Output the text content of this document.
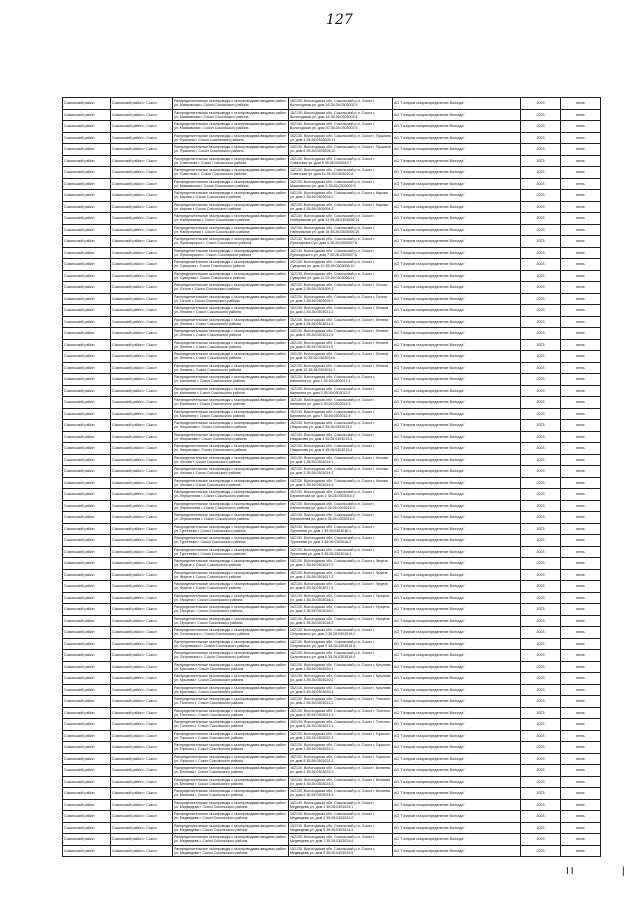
127
Сокольский район	Сокольский район г. Сокол	Распределительные газопроводы с газопроводами-вводами район ул. Маяковская г. Сокол Сокольского района	162130, Вологодская обл. Сокольский р-н, Сокол г, Вологодская ул. дом 16 35:26:0303002:3	АО "Газпром газораспределение Вологда"	2023	июнь
Сокольский район	Сокольский район г. Сокол	Распределительные газопроводы с газопроводами-вводами район ул. Маяковская г. Сокол Сокольского района	162130, Вологодская обл. Сокольский р-н, Сокол г, Вологодская ул. дом 18 35:26:0303002:4	АО "Газпром газораспределение Вологда"	2023	июнь
Сокольский район	Сокольский район г. Сокол	Распределительные газопроводы с газопроводами-вводами район ул. Маяковская г. Сокол Сокольского района	162130, Вологодская обл. Сокольский р-н, Сокол г, Вологодская ул. дом 20 35:26:0303002:5	АО "Газпром газораспределение Вологда"	2023	июнь
Сокольский район	Сокольский район г. Сокол	Распределительные газопроводы с газопроводами-вводами район ул. Пушкина г. Сокол Сокольского района	162130, Вологодская обл. Сокольский р-н, Сокол г, Пушкина ул. дом 4 35:26:0303005:11	АО "Газпром газораспределение Вологда"	2023	июнь
Сокольский район	Сокольский район г. Сокол	Распределительные газопроводы с газопроводами-вводами район ул. Пушкина г. Сокол Сокольского района	162130, Вологодская обл. Сокольский р-н, Сокол г, Пушкина ул. дом 6 35:26:0303005:12	АО "Газпром газораспределение Вологда"	2023	июнь
Сокольский район	Сокольский район г. Сокол	Распределительные газопроводы с газопроводами-вводами район ул. Советская г. Сокол Сокольского района	162130, Вологодская обл. Сокольский р-н, Сокол г, Советская ул. дом 9 35:26:0303010:7	АО "Газпром газораспределение Вологда"	2023	июнь
Сокольский район	Сокольский район г. Сокол	Распределительные газопроводы с газопроводами-вводами район ул. Советская г. Сокол Сокольского района	162130, Вологодская обл. Сокольский р-н, Сокол г, Советская ул. дом 11 35:26:0303010:8	АО "Газпром газораспределение Вологда"	2023	июнь
Сокольский район	Сокольский район г. Сокол	Распределительные газопроводы с газопроводами-вводами район ул. Маяковская г. Сокол Сокольского района	162130, Вологодская обл. Сокольский р-н, Сокол г, Маяковского ул. дом 3 35:26:0303002:9	АО "Газпром газораспределение Вологда"	2023	июнь
Сокольский район	Сокольский район г. Сокол	Распределительные газопроводы с газопроводами-вводами район ул. Кирова г. Сокол Сокольского района	162130, Вологодская обл. Сокольский р-н, Сокол г, Кирова ул. дом 2 35:26:0303004:2	АО "Газпром газораспределение Вологда"	2023	июнь
Сокольский район	Сокольский район г. Сокол	Распределительные газопроводы с газопроводами-вводами район ул. Кирова г. Сокол Сокольского района	162130, Вологодская обл. Сокольский р-н, Сокол г, Кирова ул. дом 4 35:26:0303004:3	АО "Газпром газораспределение Вологда"	2023	июнь
Сокольский район	Сокольский район г. Сокол	Распределительные газопроводы с газопроводами-вводами район ул. Набережная г. Сокол Сокольского района	162130, Вологодская обл. Сокольский р-н, Сокол г, Набережная ул. дом 14 35:26:0303006:14	АО "Газпром газораспределение Вологда"	2023	июнь
Сокольский район	Сокольский район г. Сокол	Распределительные газопроводы с газопроводами-вводами район ул. Набережная г. Сокол Сокольского района	162130, Вологодская обл. Сокольский р-н, Сокол г, Набережная ул. дом 16 35:26:0303006:15	АО "Газпром газораспределение Вологда"	2023	июнь
Сокольский район	Сокольский район г. Сокол	Распределительные газопроводы с газопроводами-вводами район ул. Луначарского г. Сокол Сокольского района	162130, Вологодская обл. Сокольский р-н, Сокол г, Луначарского ул. дом 5 35:26:0303007:5	АО "Газпром газораспределение Вологда"	2023	июнь
Сокольский район	Сокольский район г. Сокол	Распределительные газопроводы с газопроводами-вводами район ул. Луначарского г. Сокол Сокольского района	162130, Вологодская обл. Сокольский р-н, Сокол г, Луначарского ул. дом 7 35:26:0303007:6	АО "Газпром газораспределение Вологда"	2023	июнь
Сокольский район	Сокольский район г. Сокол	Распределительные газопроводы с газопроводами-вводами район ул. Суворова г. Сокол Сокольского района	162130, Вологодская обл. Сокольский р-н, Сокол г, Суворова ул. дом 10 35:26:0303008:10	АО "Газпром газораспределение Вологда"	2023	июнь
Сокольский район	Сокольский район г. Сокол	Распределительные газопроводы с газопроводами-вводами район ул. Суворова г. Сокол Сокольского района	162130, Вологодская обл. Сокольский р-н, Сокол г, Суворова ул. дом 12 35:26:0303008:11	АО "Газпром газораспределение Вологда"	2023	июнь
Сокольский район	Сокольский район г. Сокол	Распределительные газопроводы с газопроводами-вводами район ул. Гоголя г. Сокол Сокольского района	162130, Вологодская обл. Сокольский р-н, Сокол г, Гоголя ул. дом 1 35:26:0303009:1	АО "Газпром газораспределение Вологда"	2023	июнь
Сокольский район	Сокольский район г. Сокол	Распределительные газопроводы с газопроводами-вводами район ул. Гоголя г. Сокол Сокольского района	162130, Вологодская обл. Сокольский р-н, Сокол г, Гоголя ул. дом 3 35:26:0303009:2	АО "Газпром газораспределение Вологда"	2023	июнь
Сокольский район	Сокольский район г. Сокол	Распределительные газопроводы с газопроводами-вводами район ул. Ленина г. Сокол Сокольского района	162130, Вологодская обл. Сокольский р-н, Сокол г, Ленина ул. дом 2 35:26:0303011:2	АО "Газпром газораспределение Вологда"	2023	июнь
Сокольский район	Сокольский район г. Сокол	Распределительные газопроводы с газопроводами-вводами район ул. Ленина г. Сокол Сокольского района	162130, Вологодская обл. Сокольский р-н, Сокол г, Ленина ул. дом 4 35:26:0303011:3	АО "Газпром газораспределение Вологда"	2023	июнь
Сокольский район	Сокольский район г. Сокол	Распределительные газопроводы с газопроводами-вводами район ул. Ленина г. Сокол Сокольского района	162130, Вологодская обл. Сокольский р-н, Сокол г, Ленина ул. дом 6 35:26:0303011:4	АО "Газпром газораспределение Вологда"	2023	июнь
Сокольский район	Сокольский район г. Сокол	Распределительные газопроводы с газопроводами-вводами район ул. Ленина г. Сокол Сокольского района	162130, Вологодская обл. Сокольский р-н, Сокол г, Ленина ул. дом 8 35:26:0303011:5	АО "Газпром газораспределение Вологда"	2023	июнь
Сокольский район	Сокольский район г. Сокол	Распределительные газопроводы с газопроводами-вводами район ул. Ленина г. Сокол Сокольского района	162130, Вологодская обл. Сокольский р-н, Сокол г, Ленина ул. дом 10 35:26:0303011:6	АО "Газпром газораспределение Вологда"	2023	июнь
Сокольский район	Сокольский район г. Сокол	Распределительные газопроводы с газопроводами-вводами район ул. Ленина г. Сокол Сокольского района	162130, Вологодская обл. Сокольский р-н, Сокол г, Ленина ул. дом 12 35:26:0303011:7	АО "Газпром газораспределение Вологда"	2023	июнь
Сокольский район	Сокольский район г. Сокол	Распределительные газопроводы с газопроводами-вводами район ул. Калинина г. Сокол Сокольского района	162130, Вологодская обл. Сокольский р-н, Сокол г, Калинина ул. дом 1 35:26:0303012:1	АО "Газпром газораспределение Вологда"	2023	июнь
Сокольский район	Сокольский район г. Сокол	Распределительные газопроводы с газопроводами-вводами район ул. Калинина г. Сокол Сокольского района	162130, Вологодская обл. Сокольский р-н, Сокол г, Калинина ул. дом 3 35:26:0303012:2	АО "Газпром газораспределение Вологда"	2023	июнь
Сокольский район	Сокольский район г. Сокол	Распределительные газопроводы с газопроводами-вводами район ул. Калинина г. Сокол Сокольского района	162130, Вологодская обл. Сокольский р-н, Сокол г, Калинина ул. дом 5 35:26:0303012:3	АО "Газпром газораспределение Вологда"	2023	июнь
Сокольский район	Сокольский район г. Сокол	Распределительные газопроводы с газопроводами-вводами район ул. Калинина г. Сокол Сокольского района	162130, Вологодская обл. Сокольский р-н, Сокол г, Калинина ул. дом 7 35:26:0303012:4	АО "Газпром газораспределение Вологда"	2023	июнь
Сокольский район	Сокольский район г. Сокол	Распределительные газопроводы с газопроводами-вводами район ул. Некрасова г. Сокол Сокольского района	162130, Вологодская обл. Сокольский р-н, Сокол г, Некрасова ул. дом 2 35:26:0303013:2	АО "Газпром газораспределение Вологда"	2023	июнь
Сокольский район	Сокольский район г. Сокол	Распределительные газопроводы с газопроводами-вводами район ул. Некрасова г. Сокол Сокольского района	162130, Вологодская обл. Сокольский р-н, Сокол г, Некрасова ул. дом 4 35:26:0303013:3	АО "Газпром газораспределение Вологда"	2023	июнь
Сокольский район	Сокольский район г. Сокол	Распределительные газопроводы с газопроводами-вводами район ул. Некрасова г. Сокол Сокольского района	162130, Вологодская обл. Сокольский р-н, Сокол г, Некрасова ул. дом 6 35:26:0303013:4	АО "Газпром газораспределение Вологда"	2023	июнь
Сокольский район	Сокольский район г. Сокол	Распределительные газопроводы с газопроводами-вводами район ул. Чехова г. Сокол Сокольского района	162130, Вологодская обл. Сокольский р-н, Сокол г, Чехова ул. дом 1 35:26:0303014:1	АО "Газпром газораспределение Вологда"	2023	июнь
Сокольский район	Сокольский район г. Сокол	Распределительные газопроводы с газопроводами-вводами район ул. Чехова г. Сокол Сокольского района	162130, Вологодская обл. Сокольский р-н, Сокол г, Чехова ул. дом 3 35:26:0303014:2	АО "Газпром газораспределение Вологда"	2023	июнь
Сокольский район	Сокольский район г. Сокол	Распределительные газопроводы с газопроводами-вводами район ул. Чехова г. Сокол Сокольского района	162130, Вологодская обл. Сокольский р-н, Сокол г, Чехова ул. дом 5 35:26:0303014:3	АО "Газпром газораспределение Вологда"	2023	июнь
Сокольский район	Сокольский район г. Сокол	Распределительные газопроводы с газопроводами-вводами район ул. Лермонтова г. Сокол Сокольского района	162130, Вологодская обл. Сокольский р-н, Сокол г, Лермонтова ул. дом 2 35:26:0303015:2	АО "Газпром газораспределение Вологда"	2023	июнь
Сокольский район	Сокольский район г. Сокол	Распределительные газопроводы с газопроводами-вводами район ул. Лермонтова г. Сокол Сокольского района	162130, Вологодская обл. Сокольский р-н, Сокол г, Лермонтова ул. дом 4 35:26:0303015:3	АО "Газпром газораспределение Вологда"	2023	июнь
Сокольский район	Сокольский район г. Сокол	Распределительные газопроводы с газопроводами-вводами район ул. Лермонтова г. Сокол Сокольского района	162130, Вологодская обл. Сокольский р-н, Сокол г, Лермонтова ул. дом 6 35:26:0303015:4	АО "Газпром газораспределение Вологда"	2023	июнь
Сокольский район	Сокольский район г. Сокол	Распределительные газопроводы с газопроводами-вводами район ул. Тургенева г. Сокол Сокольского района	162130, Вологодская обл. Сокольский р-н, Сокол г, Тургенева ул. дом 1 35:26:0303016:1	АО "Газпром газораспределение Вологда"	2023	июнь
Сокольский район	Сокольский район г. Сокол	Распределительные газопроводы с газопроводами-вводами район ул. Тургенева г. Сокол Сокольского района	162130, Вологодская обл. Сокольский р-н, Сокол г, Тургенева ул. дом 3 35:26:0303016:2	АО "Газпром газораспределение Вологда"	2023	июнь
Сокольский район	Сокольский район г. Сокол	Распределительные газопроводы с газопроводами-вводами район ул. Тургенева г. Сокол Сокольского района	162130, Вологодская обл. Сокольский р-н, Сокол г, Тургенева ул. дом 5 35:26:0303016:3	АО "Газпром газораспределение Вологда"	2023	июнь
Сокольский район	Сокольский район г. Сокол	Распределительные газопроводы с газопроводами-вводами район ул. Фрунзе г. Сокол Сокольского района	162130, Вологодская обл. Сокольский р-н, Сокол г, Фрунзе ул. дом 2 35:26:0303017:2	АО "Газпром газораспределение Вологда"	2023	июнь
Сокольский район	Сокольский район г. Сокол	Распределительные газопроводы с газопроводами-вводами район ул. Фрунзе г. Сокол Сокольского района	162130, Вологодская обл. Сокольский р-н, Сокол г, Фрунзе ул. дом 4 35:26:0303017:3	АО "Газпром газораспределение Вологда"	2023	июнь
Сокольский район	Сокольский район г. Сокол	Распределительные газопроводы с газопроводами-вводами район ул. Фрунзе г. Сокол Сокольского района	162130, Вологодская обл. Сокольский р-н, Сокол г, Фрунзе ул. дом 6 35:26:0303017:4	АО "Газпром газораспределение Вологда"	2023	июнь
Сокольский район	Сокольский район г. Сокол	Распределительные газопроводы с газопроводами-вводами район ул. Герцена г. Сокол Сокольского района	162130, Вологодская обл. Сокольский р-н, Сокол г, Герцена ул. дом 1 35:26:0303018:1	АО "Газпром газораспределение Вологда"	2023	июнь
Сокольский район	Сокольский район г. Сокол	Распределительные газопроводы с газопроводами-вводами район ул. Герцена г. Сокол Сокольского района	162130, Вологодская обл. Сокольский р-н, Сокол г, Герцена ул. дом 3 35:26:0303018:2	АО "Газпром газораспределение Вологда"	2023	июнь
Сокольский район	Сокольский район г. Сокол	Распределительные газопроводы с газопроводами-вводами район ул. Герцена г. Сокол Сокольского района	162130, Вологодская обл. Сокольский р-н, Сокол г, Герцена ул. дом 5 35:26:0303018:3	АО "Газпром газораспределение Вологда"	2023	июнь
Сокольский район	Сокольский район г. Сокол	Распределительные газопроводы с газопроводами-вводами район ул. Островского г. Сокол Сокольского района	162130, Вологодская обл. Сокольский р-н, Сокол г, Островского ул. дом 2 35:26:0303019:2	АО "Газпром газораспределение Вологда"	2023	июнь
Сокольский район	Сокольский район г. Сокол	Распределительные газопроводы с газопроводами-вводами район ул. Островского г. Сокол Сокольского района	162130, Вологодская обл. Сокольский р-н, Сокол г, Островского ул. дом 4 35:26:0303019:3	АО "Газпром газораспределение Вологда"	2023	июнь
Сокольский район	Сокольский район г. Сокол	Распределительные газопроводы с газопроводами-вводами район ул. Островского г. Сокол Сокольского района	162130, Вологодская обл. Сокольский р-н, Сокол г, Островского ул. дом 6 35:26:0303019:4	АО "Газпром газораспределение Вологда"	2023	июнь
Сокольский район	Сокольский район г. Сокол	Распределительные газопроводы с газопроводами-вводами район ул. Крылова г. Сокол Сокольского района	162130, Вологодская обл. Сокольский р-н, Сокол г, Крылова ул. дом 1 35:26:0303020:1	АО "Газпром газораспределение Вологда"	2023	июнь
Сокольский район	Сокольский район г. Сокол	Распределительные газопроводы с газопроводами-вводами район ул. Крылова г. Сокол Сокольского района	162130, Вологодская обл. Сокольский р-н, Сокол г, Крылова ул. дом 3 35:26:0303020:2	АО "Газпром газораспределение Вологда"	2023	июнь
Сокольский район	Сокольский район г. Сокол	Распределительные газопроводы с газопроводами-вводами район ул. Крылова г. Сокол Сокольского района	162130, Вологодская обл. Сокольский р-н, Сокол г, Крылова ул. дом 5 35:26:0303020:3	АО "Газпром газораспределение Вологда"	2023	июнь
Сокольский район	Сокольский район г. Сокол	Распределительные газопроводы с газопроводами-вводами район ул. Толстого г. Сокол Сокольского района	162130, Вологодская обл. Сокольский р-н, Сокол г, Толстого ул. дом 2 35:26:0303021:2	АО "Газпром газораспределение Вологда"	2023	июнь
Сокольский район	Сокольский район г. Сокол	Распределительные газопроводы с газопроводами-вводами район ул. Толстого г. Сокол Сокольского района	162130, Вологодская обл. Сокольский р-н, Сокол г, Толстого ул. дом 4 35:26:0303021:3	АО "Газпром газораспределение Вологда"	2023	июнь
Сокольский район	Сокольский район г. Сокол	Распределительные газопроводы с газопроводами-вводами район ул. Толстого г. Сокол Сокольского района	162130, Вологодская обл. Сокольский р-н, Сокол г, Толстого ул. дом 6 35:26:0303021:4	АО "Газпром газораспределение Вологда"	2023	июнь
Сокольский район	Сокольский район г. Сокол	Распределительные газопроводы с газопроводами-вводами район ул. Горького г. Сокол Сокольского района	162130, Вологодская обл. Сокольский р-н, Сокол г, Горького ул. дом 1 35:26:0303022:1	АО "Газпром газораспределение Вологда"	2023	июнь
Сокольский район	Сокольский район г. Сокол	Распределительные газопроводы с газопроводами-вводами район ул. Горького г. Сокол Сокольского района	162130, Вологодская обл. Сокольский р-н, Сокол г, Горького ул. дом 3 35:26:0303022:2	АО "Газпром газораспределение Вологда"	2023	июнь
Сокольский район	Сокольский район г. Сокол	Распределительные газопроводы с газопроводами-вводами район ул. Горького г. Сокол Сокольского района	162130, Вологодская обл. Сокольский р-н, Сокол г, Горького ул. дом 5 35:26:0303022:3	АО "Газпром газораспределение Вологда"	2023	июнь
Сокольский район	Сокольский район г. Сокол	Распределительные газопроводы с газопроводами-вводами район ул. Беляева г. Сокол Сокольского района	162130, Вологодская обл. Сокольский р-н, Сокол г, Беляева ул. дом 2 35:26:0303023:2	АО "Газпром газораспределение Вологда"	2023	июнь
Сокольский район	Сокольский район г. Сокол	Распределительные газопроводы с газопроводами-вводами район ул. Беляева г. Сокол Сокольского района	162130, Вологодская обл. Сокольский р-н, Сокол г, Беляева ул. дом 4 35:26:0303023:3	АО "Газпром газораспределение Вологда"	2023	июнь
Сокольский район	Сокольский район г. Сокол	Распределительные газопроводы с газопроводами-вводами район ул. Беляева г. Сокол Сокольского района	162130, Вологодская обл. Сокольский р-н, Сокол г, Беляева ул. дом 6 35:26:0303023:4	АО "Газпром газораспределение Вологда"	2023	июнь
Сокольский район	Сокольский район г. Сокол	Распределительные газопроводы с газопроводами-вводами район ул. Медведева г. Сокол Сокольского района	162130, Вологодская обл. Сокольский р-н, Сокол г, Медведева ул. дом 1 35:26:0303024:1	АО "Газпром газораспределение Вологда"	2023	июнь
Сокольский район	Сокольский район г. Сокол	Распределительные газопроводы с газопроводами-вводами район ул. Медведева г. Сокол Сокольского района	162130, Вологодская обл. Сокольский р-н, Сокол г, Медведева ул. дом 3 35:26:0303024:2	АО "Газпром газораспределение Вологда"	2023	июнь
Сокольский район	Сокольский район г. Сокол	Распределительные газопроводы с газопроводами-вводами район ул. Медведева г. Сокол Сокольского района	162130, Вологодская обл. Сокольский р-н, Сокол г, Медведева ул. дом 5 35:26:0303024:3	АО "Газпром газораспределение Вологда"	2023	июнь
Сокольский район	Сокольский район г. Сокол	Распределительные газопроводы с газопроводами-вводами район ул. Медведева г. Сокол Сокольского района	162130, Вологодская обл. Сокольский р-н, Сокол г, Медведева ул. дом 7 35:26:0303024:4	АО "Газпром газораспределение Вологда"	2023	июнь
Сокольский район	Сокольский район г. Сокол	Распределительные газопроводы с газопроводами-вводами район ул. Медведева г. Сокол Сокольского района	162130, Вологодская обл. Сокольский р-н, Сокол г, Медведева ул. дом 9 35:26:0303024:5	АО "Газпром газораспределение Вологда"	2023	июнь
II	|
